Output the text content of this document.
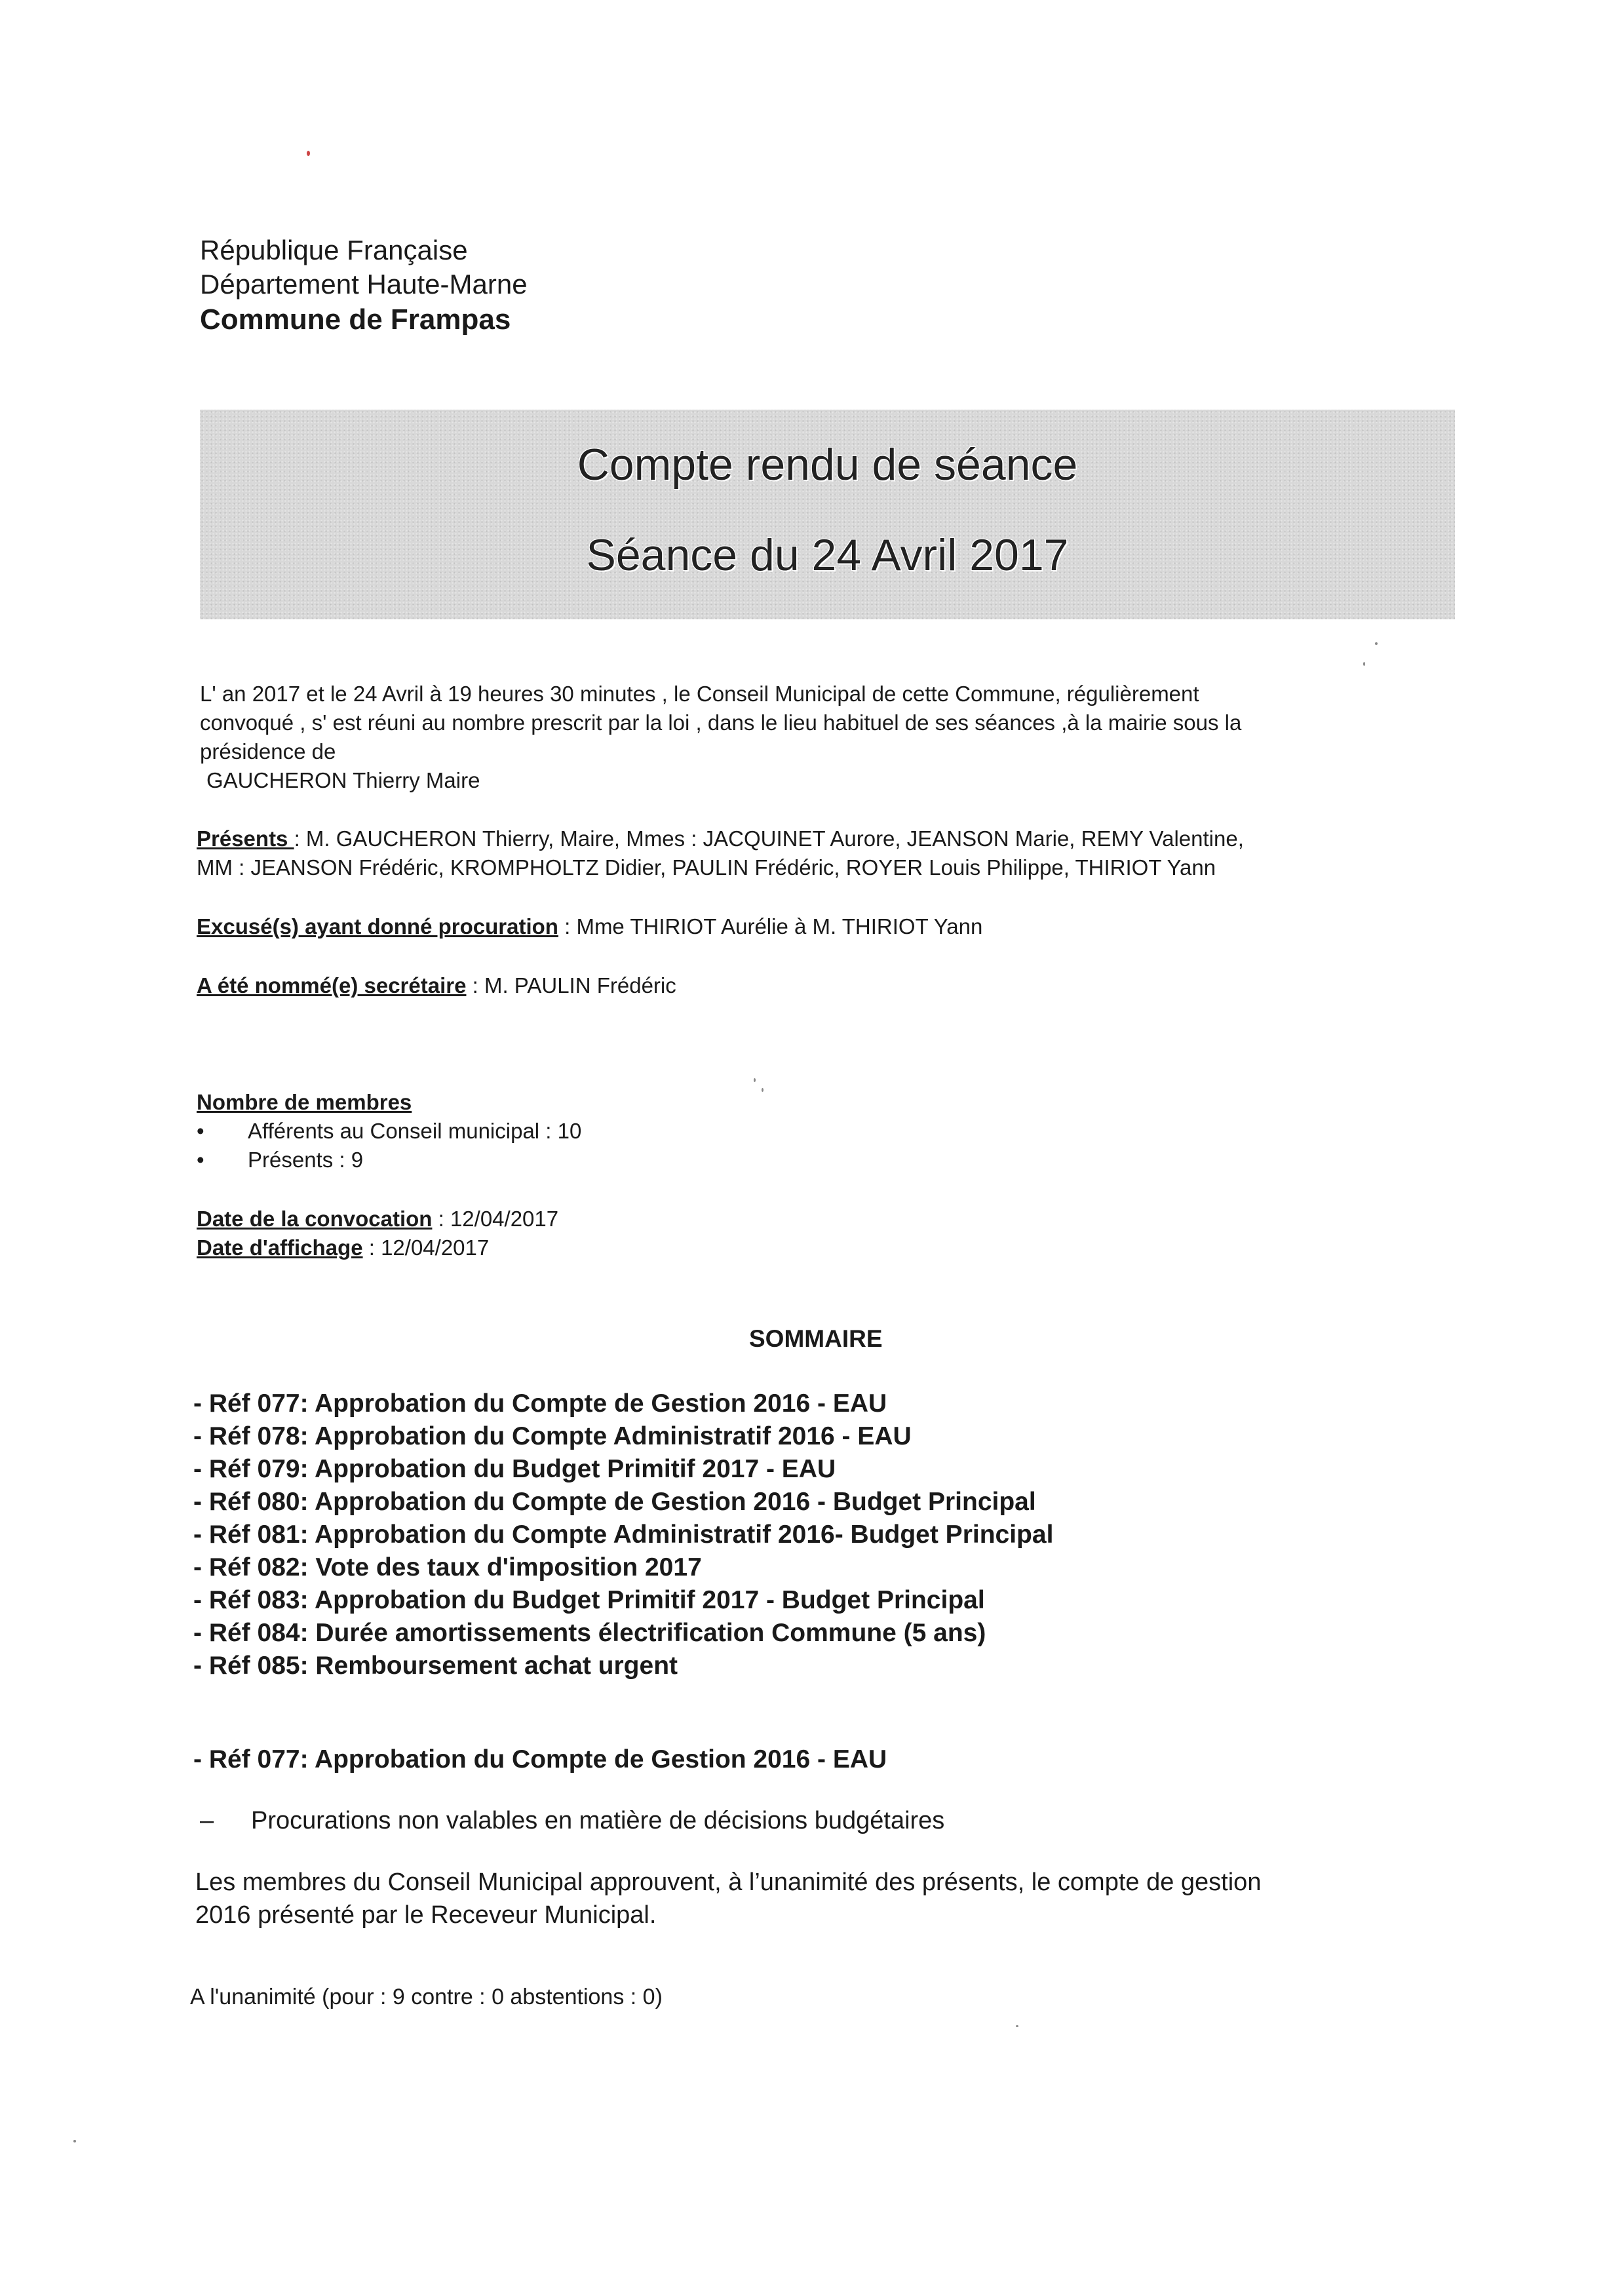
République Française
Département Haute-Marne
Commune de Frampas
Compte rendu de séance
Séance du 24 Avril 2017
L' an 2017 et le 24 Avril à 19 heures 30 minutes , le Conseil Municipal de cette Commune, régulièrement
convoqué , s' est réuni au nombre prescrit par la loi , dans le lieu habituel de ses séances ,à la mairie sous la
présidence de
GAUCHERON Thierry Maire
Présents : M. GAUCHERON Thierry, Maire, Mmes : JACQUINET Aurore, JEANSON Marie, REMY Valentine,
MM : JEANSON Frédéric, KROMPHOLTZ Didier, PAULIN Frédéric, ROYER Louis Philippe, THIRIOT Yann
Excusé(s) ayant donné procuration : Mme THIRIOT Aurélie à M. THIRIOT Yann
A été nommé(e) secrétaire : M. PAULIN Frédéric
Nombre de membres
• Afférents au Conseil municipal : 10
• Présents : 9
Date de la convocation : 12/04/2017
Date d'affichage : 12/04/2017
SOMMAIRE
- Réf 077: Approbation du Compte de Gestion 2016 - EAU
- Réf 078: Approbation du Compte Administratif 2016 - EAU
- Réf 079: Approbation du Budget Primitif 2017 - EAU
- Réf 080: Approbation du Compte de Gestion 2016 - Budget Principal
- Réf 081: Approbation du Compte Administratif 2016- Budget Principal
- Réf 082: Vote des taux d'imposition 2017
- Réf 083: Approbation du Budget Primitif 2017 - Budget Principal
- Réf 084: Durée amortissements électrification Commune (5 ans)
- Réf 085: Remboursement achat urgent
- Réf 077: Approbation du Compte de Gestion 2016 - EAU
– Procurations non valables en matière de décisions budgétaires
Les membres du Conseil Municipal approuvent, à l’unanimité des présents, le compte de gestion
2016 présenté par le Receveur Municipal.
A l'unanimité (pour : 9 contre : 0 abstentions : 0)
